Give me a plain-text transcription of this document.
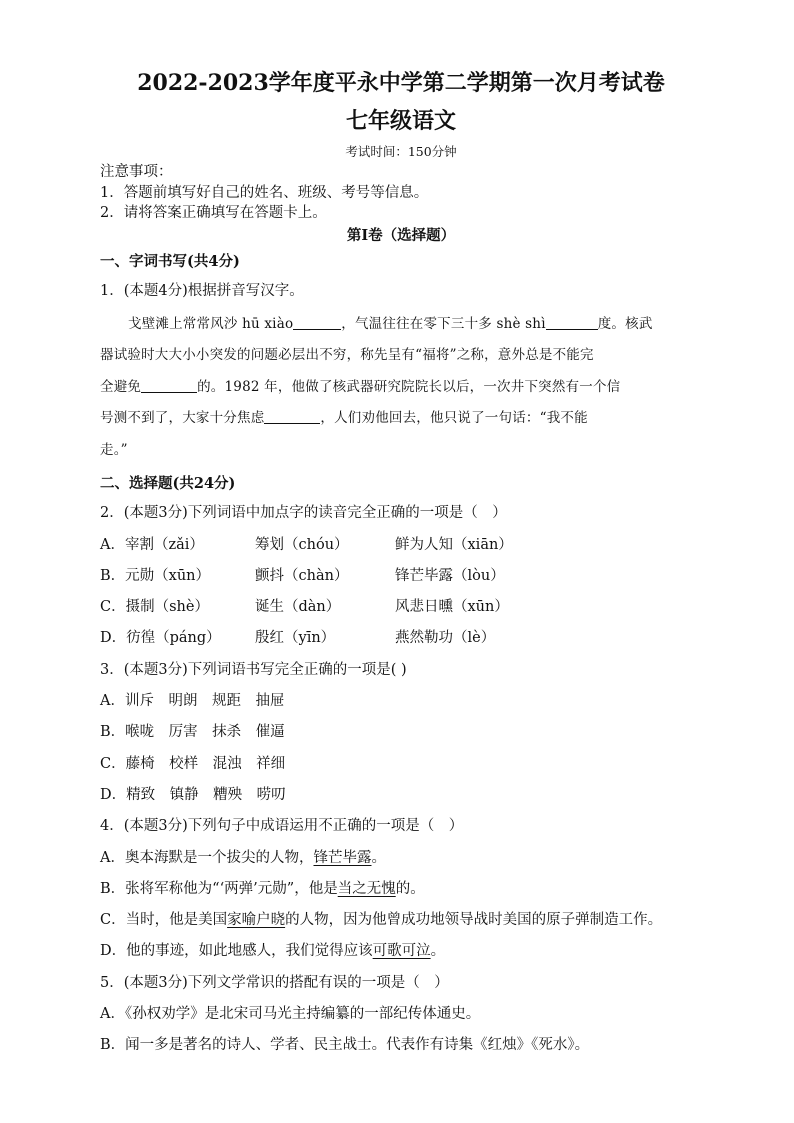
2022-2023学年度平永中学第二学期第一次月考试卷
七年级语文
考试时间：150分钟
注意事项：
1．答题前填写好自己的姓名、班级、考号等信息。
2．请将答案正确填写在答题卡上。
第I卷（选择题）
一、字词书写(共4分)
1．(本题4分)根据拼音写汉字。
戈壁滩上常常风沙 hū xiào	，气温往往在零下三十多 shè shì	度。核武
器试验时大大小小突发的问题必层出不穷，称先呈有“福将”之称，意外总是不能完
全避免	的。1982 年，他做了核武器研究院院长以后，一次井下突然有一个信
号测不到了，大家十分焦虑	，人们劝他回去，他只说了一句话：“我不能
走。”
二、选择题(共24分)
2．(本题3分)下列词语中加点字的读音完全正确的一项是（　）
A．宰割（zǎi）	筹划（chóu）	鲜为人知（xiān）
B．元勋（xūn）	颤抖（chàn）	锋芒毕露（lòu）
C．摄制（shè）	诞生（dàn）	风悲日曛（xūn）
D．彷徨（páng） 殷红（yīn）	燕然勒功（lè）
3．(本题3分)下列词语书写完全正确的一项是( )
A．训斥　明朗　规距　抽屉
B．喉咙　厉害　抹杀　催逼
C．藤椅　校样　混浊　祥细
D．精致　镇静　糟殃　唠叨
4．(本题3分)下列句子中成语运用不正确的一项是（　）
A．奥本海默是一个拔尖的人物，锋芒毕露。
B．张将军称他为“‘两弹’元勋”，他是当之无愧的。
C．当时，他是美国家喻户晓的人物，因为他曾成功地领导战时美国的原子弹制造工作。
D．他的事迹，如此地感人，我们觉得应该可歌可泣。
5．(本题3分)下列文学常识的搭配有误的一项是（　）
A．《孙权劝学》是北宋司马光主持编纂的一部纪传体通史。
B．闻一多是著名的诗人、学者、民主战士。代表作有诗集《红烛》《死水》。
